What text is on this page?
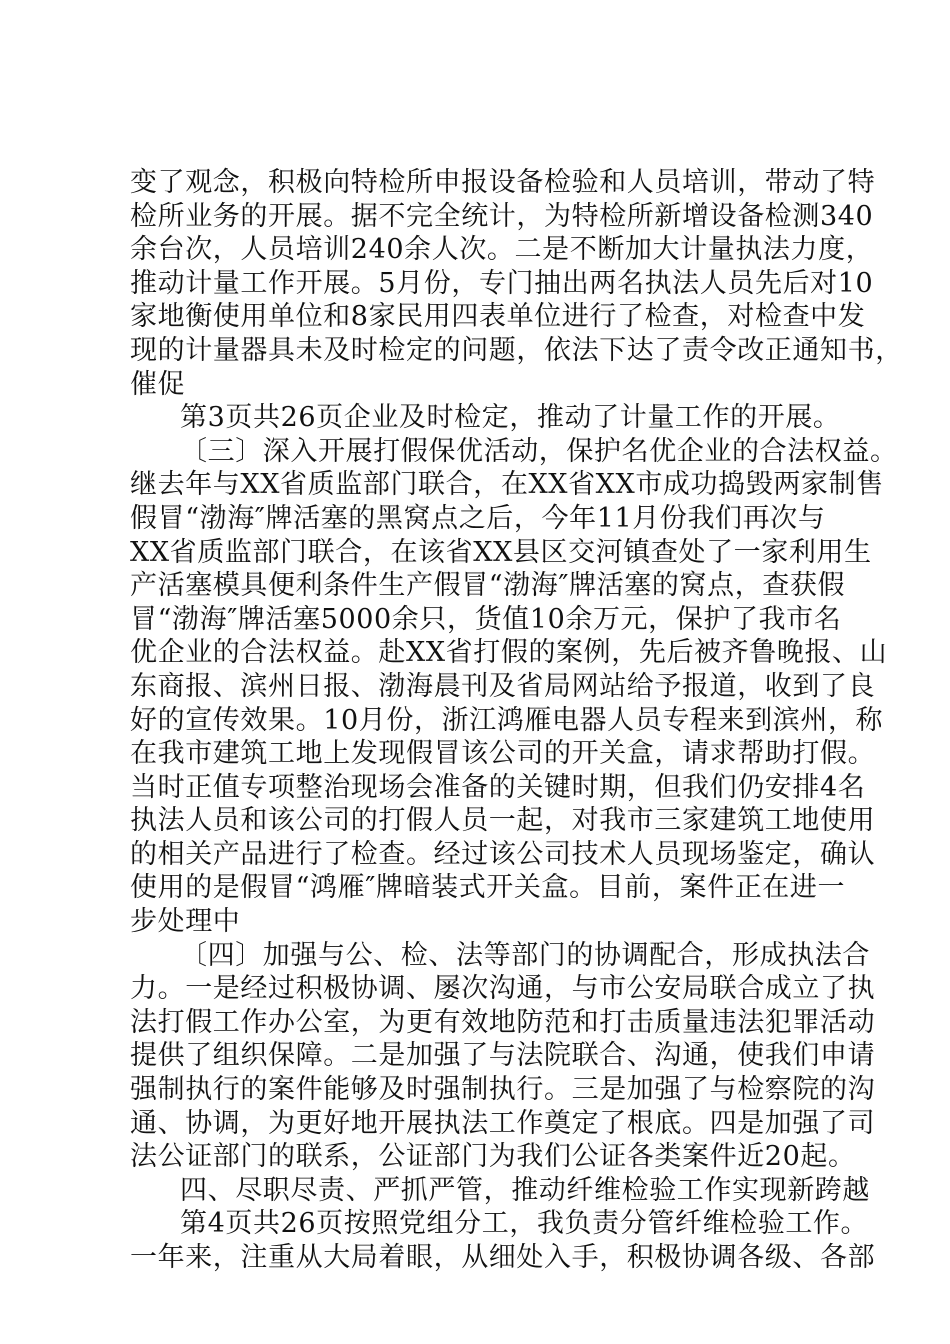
变了观念，积极向特检所申报设备检验和人员培训，带动了特
检所业务的开展。据不完全统计，为特检所新增设备检测340
余台次，人员培训240余人次。二是不断加大计量执法力度，
推动计量工作开展。5月份，专门抽出两名执法人员先后对10
家地衡使用单位和8家民用四表单位进行了检查，对检查中发
现的计量器具未及时检定的问题，依法下达了责令改正通知书，
催促
第3页共26页企业及时检定，推动了计量工作的开展。
〔三〕深入开展打假保优活动，保护名优企业的合法权益。
继去年与XX省质监部门联合，在XX省XX市成功捣毁两家制售
假冒“渤海″牌活塞的黑窝点之后，今年11月份我们再次与
XX省质监部门联合，在该省XX县区交河镇查处了一家利用生
产活塞模具便利条件生产假冒“渤海″牌活塞的窝点，查获假
冒“渤海″牌活塞5000余只，货值10余万元，保护了我市名
优企业的合法权益。赴XX省打假的案例，先后被齐鲁晚报、山
东商报、滨州日报、渤海晨刊及省局网站给予报道，收到了良
好的宣传效果。10月份，浙江鸿雁电器人员专程来到滨州，称
在我市建筑工地上发现假冒该公司的开关盒，请求帮助打假。
当时正值专项整治现场会准备的关键时期，但我们仍安排4名
执法人员和该公司的打假人员一起，对我市三家建筑工地使用
的相关产品进行了检查。经过该公司技术人员现场鉴定，确认
使用的是假冒“鸿雁″牌暗装式开关盒。目前，案件正在进一
步处理中
〔四〕加强与公、检、法等部门的协调配合，形成执法合
力。一是经过积极协调、屡次沟通，与市公安局联合成立了执
法打假工作办公室，为更有效地防范和打击质量违法犯罪活动
提供了组织保障。二是加强了与法院联合、沟通，使我们申请
强制执行的案件能够及时强制执行。三是加强了与检察院的沟
通、协调，为更好地开展执法工作奠定了根底。四是加强了司
法公证部门的联系，公证部门为我们公证各类案件近20起。
四、尽职尽责、严抓严管，推动纤维检验工作实现新跨越
第4页共26页按照党组分工，我负责分管纤维检验工作。
一年来，注重从大局着眼，从细处入手，积极协调各级、各部
